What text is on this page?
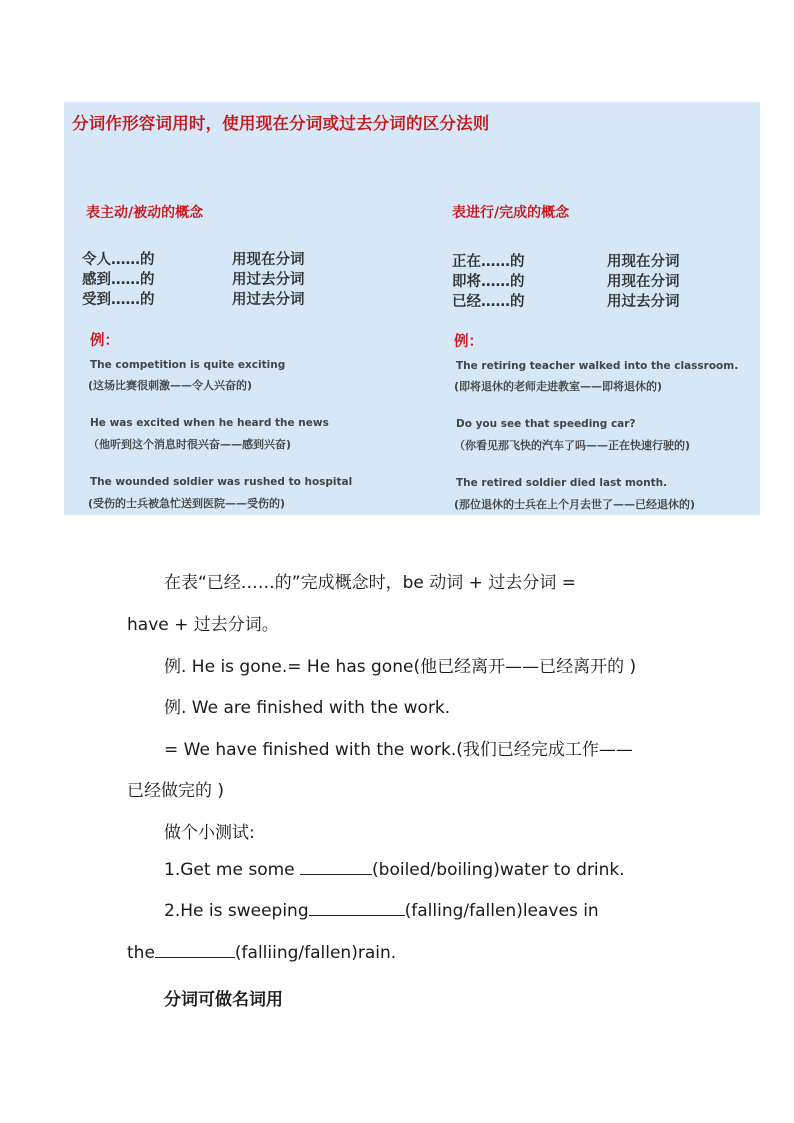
分词作形容词用时，使用现在分词或过去分词的区分法则
表主动/被动的概念
令人……的	用现在分词
感到……的	用过去分词
受到……的	用过去分词
例：
The competition is quite exciting
(这场比赛很刺激——令人兴奋的)
He was excited when he heard the news
（他听到这个消息时很兴奋——感到兴奋)
The wounded soldier was rushed to hospital
(受伤的士兵被急忙送到医院——受伤的)
表进行/完成的概念
正在……的	用现在分词
即将……的	用现在分词
已经……的	用过去分词
例：
The retiring teacher walked into the classroom.
(即将退休的老师走进教室——即将退休的)
Do you see that speeding car?
（你看见那飞快的汽车了吗——正在快速行驶的)
The retired soldier died last month.
(那位退休的士兵在上个月去世了——已经退休的)
在表“已经……的”完成概念时，be 动词 + 过去分词 =
have + 过去分词。
例. He is gone.= He has gone(他已经离开——已经离开的 )
例. We are finished with the work.
= We have finished with the work.(我们已经完成工作——
已经做完的 )
做个小测试:
1.Get me some	(boiled/boiling)water to drink.
2.He is sweeping	(falling/fallen)leaves in
the	(falliing/fallen)rain.
分词可做名词用
